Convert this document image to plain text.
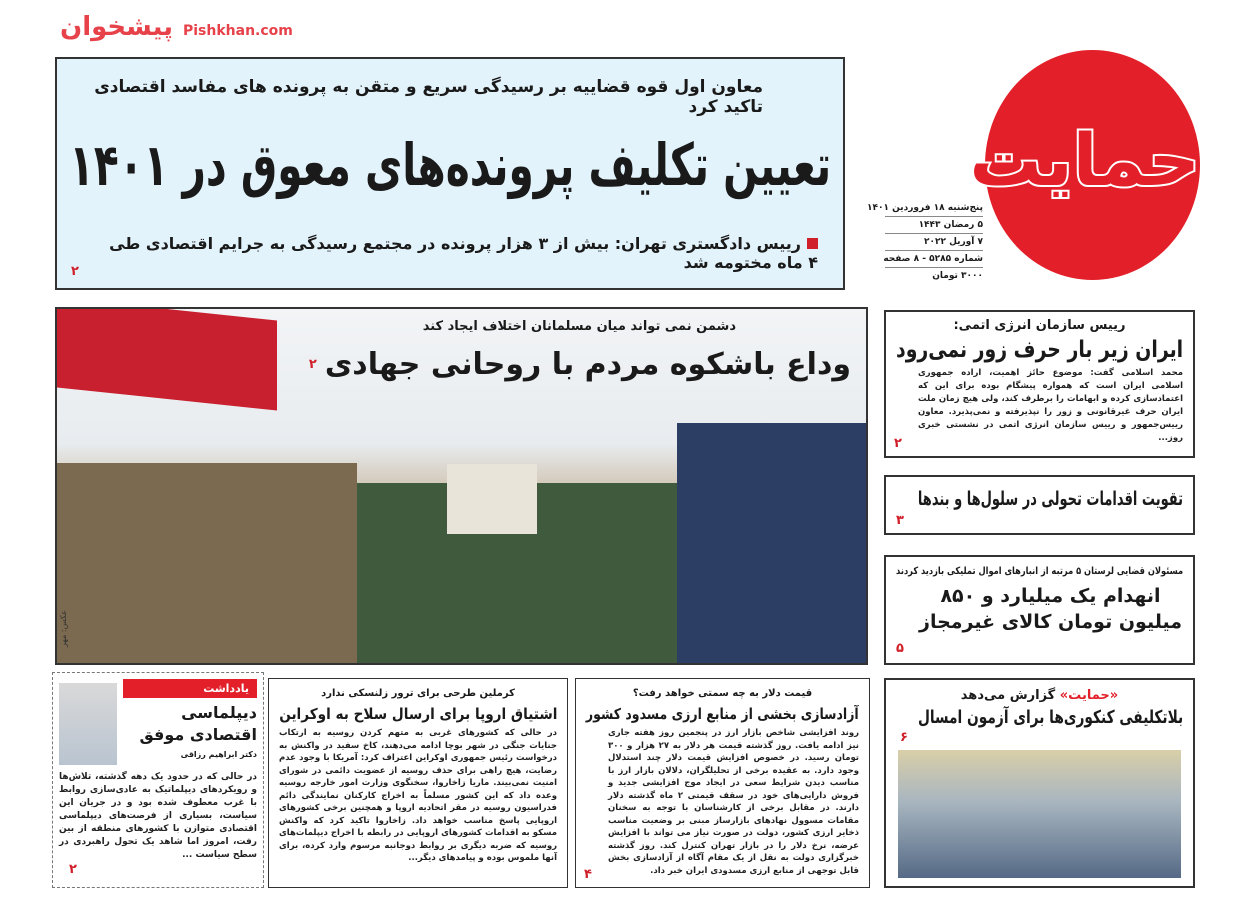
پیشخوان Pishkhan.com
معاون اول قوه قضاییه بر رسیدگی سریع و متقن به پرونده های مفاسد اقتصادی تاکید کرد
تعیین تکلیف پرونده‌های معوق در ۱۴۰۱
رییس دادگستری تهران: بیش از ۳ هزار پرونده در مجتمع رسیدگی به جرایم اقتصادی طی ۴ ماه مختومه شد
۲
حمایت
پنج‌شنبه ۱۸ فروردین ۱۴۰۱
۵ رمضان ۱۴۴۳
۷ آوریل ۲۰۲۲
شماره ۵۲۸۵ - ۸ صفحه
۳۰۰۰ تومان
دشمن نمی تواند میان مسلمانان اختلاف ایجاد کند
وداع باشکوه مردم با روحانی جهادی
۲
عکس: مهر
رییس سازمان انرژی اتمی:
ایران زیر بار حرف زور نمی‌رود
محمد اسلامی گفت: موضوع حائز اهمیت، اراده جمهوری اسلامی ایران است که همواره پیشگام بوده برای این که اعتمادسازی کرده و ابهامات را برطرف کند، ولی هیچ زمان ملت ایران حرف غیرقانونی و زور را نپذیرفته و نمی‌پذیرد. معاون رییس‌جمهور و رییس سازمان انرژی اتمی در نشستی خبری روز...
۲
تقویت اقدامات تحولی در سلول‌ها و بندها
۳
مسئولان قضایی لرستان ۵ مرتبه از انبارهای اموال تملیکی بازدید کردند
انهدام یک میلیارد و ۸۵۰ میلیون تومان کالای غیرمجاز
۵
«حمایت» گزارش می‌دهد
بلاتکلیفی کنکوری‌ها برای آزمون امسال
۶
یادداشت
دیپلماسی اقتصادی موفق
دکتر ابراهیم رزاقی
در حالی که در حدود یک دهه گذشته، تلاش‌ها و رویکردهای دیپلماتیک به عادی‌سازی روابط با غرب معطوف شده بود و در جریان این سیاست، بسیاری از فرصت‌های دیپلماسی اقتصادی متوازن با کشورهای منطقه از بین رفت، امروز اما شاهد یک تحول راهبردی در سطح سیاست ...
۲
کرملین طرحی برای ترور زلنسکی ندارد
اشتیاق اروپا برای ارسال سلاح به اوکراین
در حالی که کشورهای غربی به متهم کردن روسیه به ارتکاب جنایات جنگی در شهر بوچا ادامه می‌دهند، کاخ سفید در واکنش به درخواست رئیس جمهوری اوکراین اعتراف کرد: آمریکا با وجود عدم رضایت، هیچ راهی برای حذف روسیه از عضویت دائمی در شورای امنیت نمی‌بیند. ماریا زاخاروا، سخنگوی وزارت امور خارجه روسیه وعده داد که این کشور مسلماً به اخراج کارکنان نمایندگی دائم فدراسیون روسیه در مقر اتحادیه اروپا و همچنین برخی کشورهای اروپایی پاسخ مناسب خواهد داد. زاخاروا تاکید کرد که واکنش مسکو به اقدامات کشورهای اروپایی در رابطه با اخراج دیپلمات‌های روسیه که ضربه دیگری بر روابط دوجانبه مرسوم وارد کرده، برای آنها ملموس بوده و پیامدهای دیگر...
قیمت دلار به چه سمتی خواهد رفت؟
آزادسازی بخشی از منابع ارزی مسدود کشور
روند افزایشی شاخص بازار ارز در پنجمین روز هفته جاری نیز ادامه یافت. روز گذشته قیمت هر دلار به ۲۷ هزار و ۳۰۰ تومان رسید. در خصوص افزایش قیمت دلار چند استدلال وجود دارد. به عقیده برخی از تحلیلگران، دلالان بازار ارز با مناسب دیدن شرایط سعی در ایجاد موج افزایشی جدید و فروش دارایی‌های خود در سقف قیمتی ۲ ماه گذشته دلار دارند. در مقابل برخی از کارشناسان با توجه به سخنان مقامات مسوول نهادهای بازارساز مبنی بر وضعیت مناسب ذخایر ارزی کشور، دولت در صورت نیاز می تواند با افزایش عرضه، نرخ دلار را در بازار تهران کنترل کند. روز گذشته خبرگزاری دولت به نقل از یک مقام آگاه از آزادسازی بخش قابل توجهی از منابع ارزی مسدودی ایران خبر داد.
۴
